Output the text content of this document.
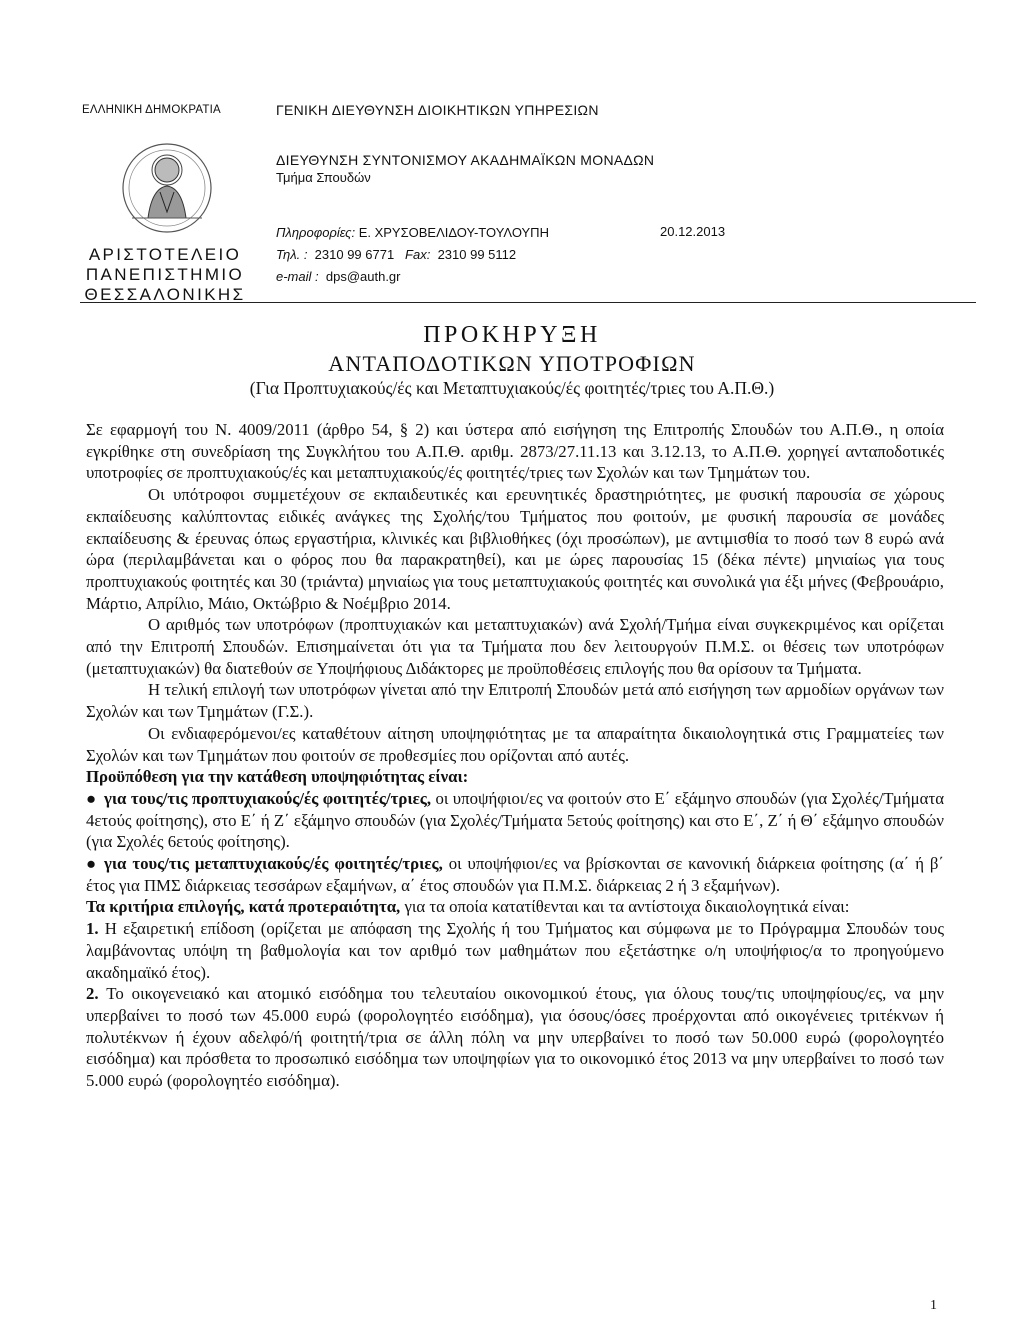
ΕΛΛΗΝΙΚΗ ΔΗΜΟΚΡΑΤΙΑ	ΓΕΝΙΚΗ ΔΙΕΥΘΥΝΣΗ ΔΙΟΙΚΗΤΙΚΩΝ ΥΠΗΡΕΣΙΩΝ
ΔΙΕΥΘΥΝΣΗ ΣΥΝΤΟΝΙΣΜΟΥ ΑΚΑΔΗΜΑΪΚΩΝ ΜΟΝΑΔΩΝ
Τμήμα Σπουδών
ΑΡΙΣΤΟΤΕΛΕΙΟ
ΠΑΝΕΠΙΣΤΗΜΙΟ
ΘΕΣΣΑΛΟΝΙΚΗΣ
Πληροφορίες: Ε. ΧΡΥΣΟΒΕΛΙΔΟΥ-ΤΟΥΛΟΥΠΗ
Τηλ. : 2310 99 6771 Fax: 2310 99 5112
e-mail : dps@auth.gr
20.12.2013
ΠΡΟΚΗΡΥΞΗ
ΑΝΤΑΠΟΔΟΤΙΚΩΝ ΥΠΟΤΡΟΦΙΩΝ
(Για Προπτυχιακούς/ές και Μεταπτυχιακούς/ές φοιτητές/τριες του Α.Π.Θ.)

Σε εφαρμογή του Ν. 4009/2011 (άρθρο 54, § 2) και ύστερα από εισήγηση της Επιτροπής Σπουδών του Α.Π.Θ., η οποία εγκρίθηκε στη συνεδρίαση της Συγκλήτου του Α.Π.Θ. αριθμ. 2873/27.11.13 και 3.12.13, το Α.Π.Θ. χορηγεί ανταποδοτικές υποτροφίες σε προπτυχιακούς/ές και μεταπτυχιακούς/ές φοιτητές/τριες των Σχολών και των Τμημάτων του.

Οι υπότροφοι συμμετέχουν σε εκπαιδευτικές και ερευνητικές δραστηριότητες, με φυσική παρουσία σε χώρους εκπαίδευσης καλύπτοντας ειδικές ανάγκες της Σχολής/του Τμήματος που φοιτούν, με φυσική παρουσία σε μονάδες εκπαίδευσης & έρευνας όπως εργαστήρια, κλινικές και βιβλιοθήκες (όχι προσώπων), με αντιμισθία το ποσό των 8 ευρώ ανά ώρα (περιλαμβάνεται και ο φόρος που θα παρακρατηθεί), και με ώρες παρουσίας 15 (δέκα πέντε) μηνιαίως για τους προπτυχιακούς φοιτητές και 30 (τριάντα) μηνιαίως για τους μεταπτυχιακούς φοιτητές και συνολικά για έξι μήνες (Φεβρουάριο, Μάρτιο, Απρίλιο, Μάιο, Οκτώβριο & Νοέμβριο 2014.

Ο αριθμός των υποτρόφων (προπτυχιακών και μεταπτυχιακών) ανά Σχολή/Τμήμα είναι συγκεκριμένος και ορίζεται από την Επιτροπή Σπουδών. Επισημαίνεται ότι για τα Τμήματα που δεν λειτουργούν Π.Μ.Σ. οι θέσεις των υποτρόφων (μεταπτυχιακών) θα διατεθούν σε Υποψήφιους Διδάκτορες με προϋποθέσεις επιλογής που θα ορίσουν τα Τμήματα.

Η τελική επιλογή των υποτρόφων γίνεται από την Επιτροπή Σπουδών μετά από εισήγηση των αρμοδίων οργάνων των Σχολών και των Τμημάτων (Γ.Σ.).

Οι ενδιαφερόμενοι/ες καταθέτουν αίτηση υποψηφιότητας με τα απαραίτητα δικαιολογητικά στις Γραμματείες των Σχολών και των Τμημάτων που φοιτούν σε προθεσμίες που ορίζονται από αυτές.

Προϋπόθεση για την κατάθεση υποψηφιότητας είναι:

● για τους/τις προπτυχιακούς/ές φοιτητές/τριες, οι υποψήφιοι/ες να φοιτούν στο Ε΄ εξάμηνο σπουδών (για Σχολές/Τμήματα 4ετούς φοίτησης), στο Ε΄ ή Ζ΄ εξάμηνο σπουδών (για Σχολές/Τμήματα 5ετούς φοίτησης) και στο Ε΄, Ζ΄ ή Θ΄ εξάμηνο σπουδών (για Σχολές 6ετούς φοίτησης).

● για τους/τις μεταπτυχιακούς/ές φοιτητές/τριες, οι υποψήφιοι/ες να βρίσκονται σε κανονική διάρκεια φοίτησης (α΄ ή β΄ έτος για ΠΜΣ διάρκειας τεσσάρων εξαμήνων, α΄ έτος σπουδών για Π.Μ.Σ. διάρκειας 2 ή 3 εξαμήνων).

Τα κριτήρια επιλογής, κατά προτεραιότητα, για τα οποία κατατίθενται και τα αντίστοιχα δικαιολογητικά είναι:

1. Η εξαιρετική επίδοση (ορίζεται με απόφαση της Σχολής ή του Τμήματος και σύμφωνα με το Πρόγραμμα Σπουδών τους λαμβάνοντας υπόψη τη βαθμολογία και τον αριθμό των μαθημάτων που εξετάστηκε ο/η υποψήφιος/α το προηγούμενο ακαδημαϊκό έτος).

2. Το οικογενειακό και ατομικό εισόδημα του τελευταίου οικονομικού έτους, για όλους τους/τις υποψηφίους/ες, να μην υπερβαίνει το ποσό των 45.000 ευρώ (φορολογητέο εισόδημα), για όσους/όσες προέρχονται από οικογένειες τριτέκνων ή πολυτέκνων ή έχουν αδελφό/ή φοιτητή/τρια σε άλλη πόλη να μην υπερβαίνει το ποσό των 50.000 ευρώ (φορολογητέο εισόδημα) και πρόσθετα το προσωπικό εισόδημα των υποψηφίων για το οικονομικό έτος 2013 να μην υπερβαίνει το ποσό των 5.000 ευρώ (φορολογητέο εισόδημα).

1
